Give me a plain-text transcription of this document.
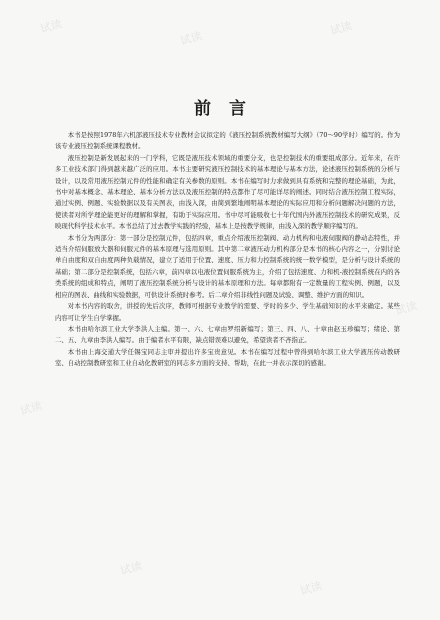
试读
试读
试读
试读
试读
试读
试读
前言

本书是按照1978年六机部液压技术专业教材会议拟定的《液压控制系统教材编写大纲》（70～90学时）编写的。作为该专业液压控制系统课程教材。

液压控制是新发展起来的一门学科，它既是液压技术领域的重要分支，也是控制技术的重要组成部分。近年来，在许多工业技术部门得到越来越广泛的应用。本书主要研究液压控制技术的基本理论与基本方法，论述液压控制系统的分析与设计，以及常用液压控制元件的性能和确定有关参数的原则。本书在编写时力求做到具有系统和完整的理论基础，为此，书中对基本概念、基本理论、基本分析方法以及液压控制的特点都作了尽可能详尽的阐述。同时结合液压控制工程实际，通过实例、例题、实验数据以及有关图表，由浅入深，由简到繁地阐明基本理论的实际应用和分析问题解决问题的方法，使读者对所学理论能更好的理解和掌握，有助于实际应用。书中尽可能吸收七十年代国内外液压控制技术的研究成果，反映现代科学技术水平。本书总结了过去教学实践的经验，基本上是按教学规律，由浅入深的教学顺序编写的。

本书分为两部分：第一部分是控制元件，包括四章，重点介绍液压控制阀、动力机构和电液伺服阀的静动态特性，并适当介绍伺服放大器和伺服元件的基本原理与选用原则。其中第二章液压动力机构部分是本书的核心内容之一，分别讨论单自由度和双自由度两种负载情况，建立了适用于位置、速度、压力和力控制系统的统一数学模型，是分析与设计系统的基础；第二部分是控制系统，包括六章，前四章以电液位置伺服系统为主，介绍了包括速度、力和机-液控制系统在内的各类系统的组成和特点，阐明了液压控制系统分析与设计的基本原理和方法。每章都附有一定数量的工程实例、例题，以及相应的图表、曲线和实验数据，可供设计系统时参考。后二章介绍非线性问题及试验、调整、维护方面的知识。

对本书内容的取舍，讲授的先后次序，教师可根据专业教学的需要、学时的多少、学生基础知识的水平来确定。某些内容可让学生自学掌握。

本书由哈尔滨工业大学李洪人主编。第一、六、七章由罗绍新编写；第三、四、八、十章由赵玉珍编写；绪论、第二、五、九章由李洪人编写。由于编者水平有限，缺点错误难以避免，希望读者不吝指正。

本书由上海交通大学任锡宝同志主审并提出许多宝贵意见。本书在编写过程中曾得到哈尔滨工业大学液压传动教研室、自动控制教研室和工业自动化教研室的同志多方面的支持、帮助，在此一并表示深切的感谢。
